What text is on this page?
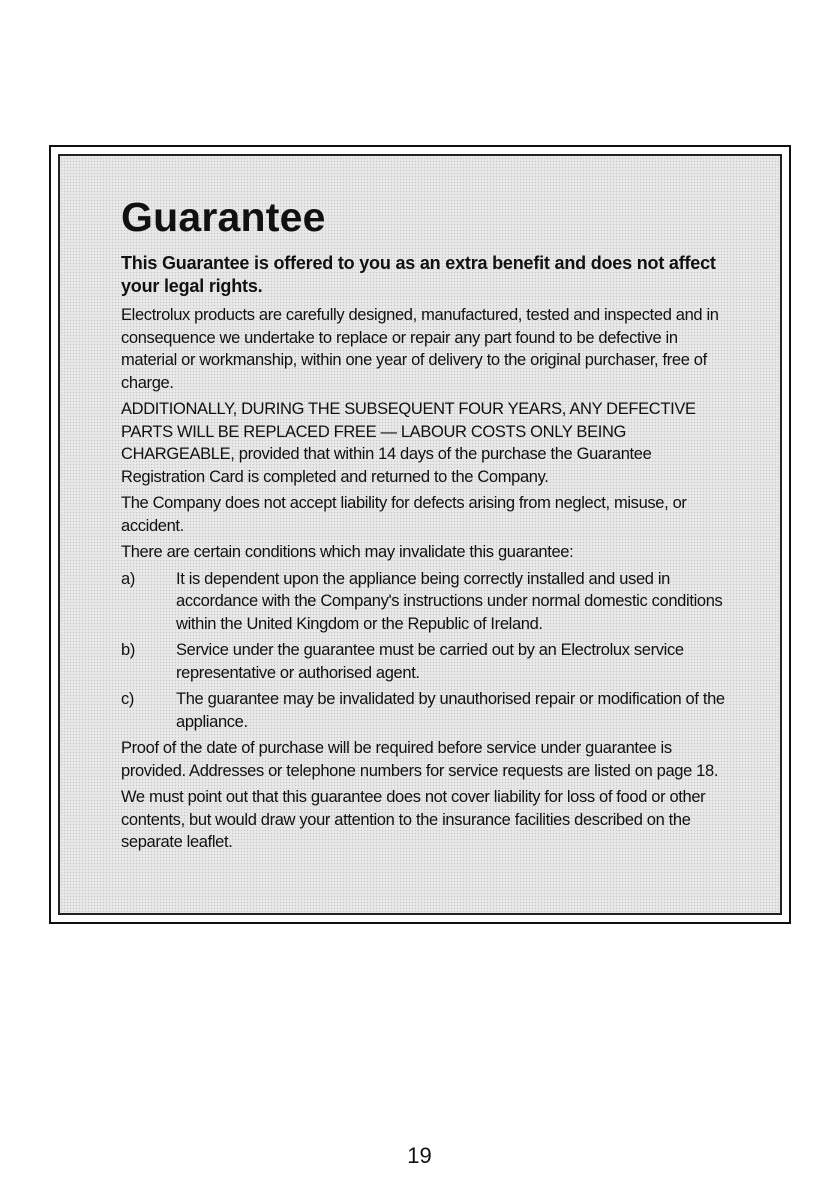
Guarantee

This Guarantee is offered to you as an extra benefit and does not affect your legal rights.

Electrolux products are carefully designed, manufactured, tested and inspected and in consequence we undertake to replace or repair any part found to be defective in material or workmanship, within one year of delivery to the original purchaser, free of charge.

ADDITIONALLY, DURING THE SUBSEQUENT FOUR YEARS, ANY DEFECTIVE PARTS WILL BE REPLACED FREE — LABOUR COSTS ONLY BEING CHARGEABLE, provided that within 14 days of the purchase the Guarantee Registration Card is completed and returned to the Company.

The Company does not accept liability for defects arising from neglect, misuse, or accident.

There are certain conditions which may invalidate this guarantee:

a) It is dependent upon the appliance being correctly installed and used in accordance with the Company's instructions under normal domestic conditions within the United Kingdom or the Republic of Ireland.
b) Service under the guarantee must be carried out by an Electrolux service representative or authorised agent.
c)	The guarantee may be invalidated by unauthorised repair or modification of the appliance.

Proof of the date of purchase will be required before service under guarantee is provided. Addresses or telephone numbers for service requests are listed on page 18.

We must point out that this guarantee does not cover liability for loss of food or other contents, but would draw your attention to the insurance facilities described on the separate leaflet.

19
